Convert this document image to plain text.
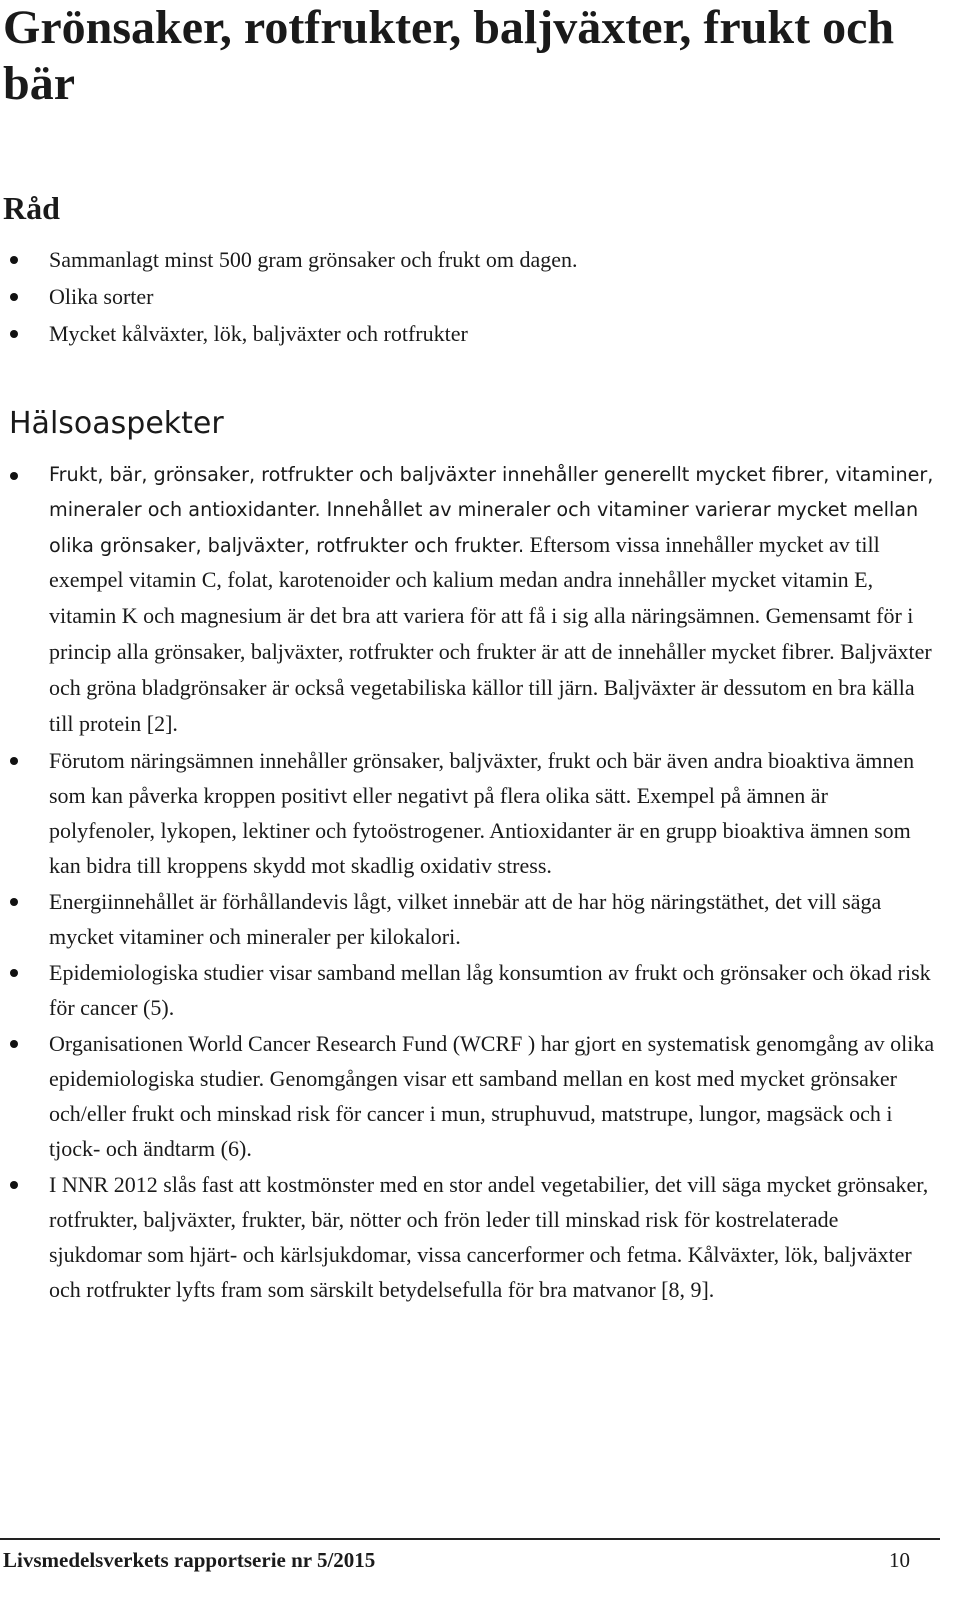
Grönsaker, rotfrukter, baljväxter, frukt och bär
Råd
Sammanlagt minst 500 gram grönsaker och frukt om dagen.
Olika sorter
Mycket kålväxter, lök, baljväxter och rotfrukter
Hälsoaspekter
Frukt, bär, grönsaker, rotfrukter och baljväxter innehåller generellt mycket fibrer, vitaminer, mineraler och antioxidanter. Innehållet av mineraler och vitaminer varierar mycket mellan olika grönsaker, baljväxter, rotfrukter och frukter. Eftersom vissa innehåller mycket av till exempel vitamin C, folat, karotenoider och kalium medan andra innehåller mycket vitamin E, vitamin K och magnesium är det bra att variera för att få i sig alla näringsämnen. Gemensamt för i princip alla grönsaker, baljväxter, rotfrukter och frukter är att de innehåller mycket fibrer. Baljväxter och gröna bladgrönsaker är också vegetabiliska källor till järn. Baljväxter är dessutom en bra källa till protein [2].
Förutom näringsämnen innehåller grönsaker, baljväxter, frukt och bär även andra bioaktiva ämnen som kan påverka kroppen positivt eller negativt på flera olika sätt. Exempel på ämnen är polyfenoler, lykopen, lektiner och fytoöstrogener. Antioxidanter är en grupp bioaktiva ämnen som kan bidra till kroppens skydd mot skadlig oxidativ stress.
Energiinnehållet är förhållandevis lågt, vilket innebär att de har hög näringstäthet, det vill säga mycket vitaminer och mineraler per kilokalori.
Epidemiologiska studier visar samband mellan låg konsumtion av frukt och grönsaker och ökad risk för cancer (5).
Organisationen World Cancer Research Fund (WCRF ) har gjort en systematisk genomgång av olika epidemiologiska studier. Genomgången visar ett samband mellan en kost med mycket grönsaker och/eller frukt och minskad risk för cancer i mun, struphuvud, matstrupe, lungor, magsäck och i tjock- och ändtarm (6).
I NNR 2012 slås fast att kostmönster med en stor andel vegetabilier, det vill säga mycket grönsaker, rotfrukter, baljväxter, frukter, bär, nötter och frön leder till minskad risk för kostrelaterade sjukdomar som hjärt- och kärlsjukdomar, vissa cancerformer och fetma. Kålväxter, lök, baljväxter och rotfrukter lyfts fram som särskilt betydelsefulla för bra matvanor [8, 9].
Livsmedelsverkets rapportserie nr 5/2015	10
